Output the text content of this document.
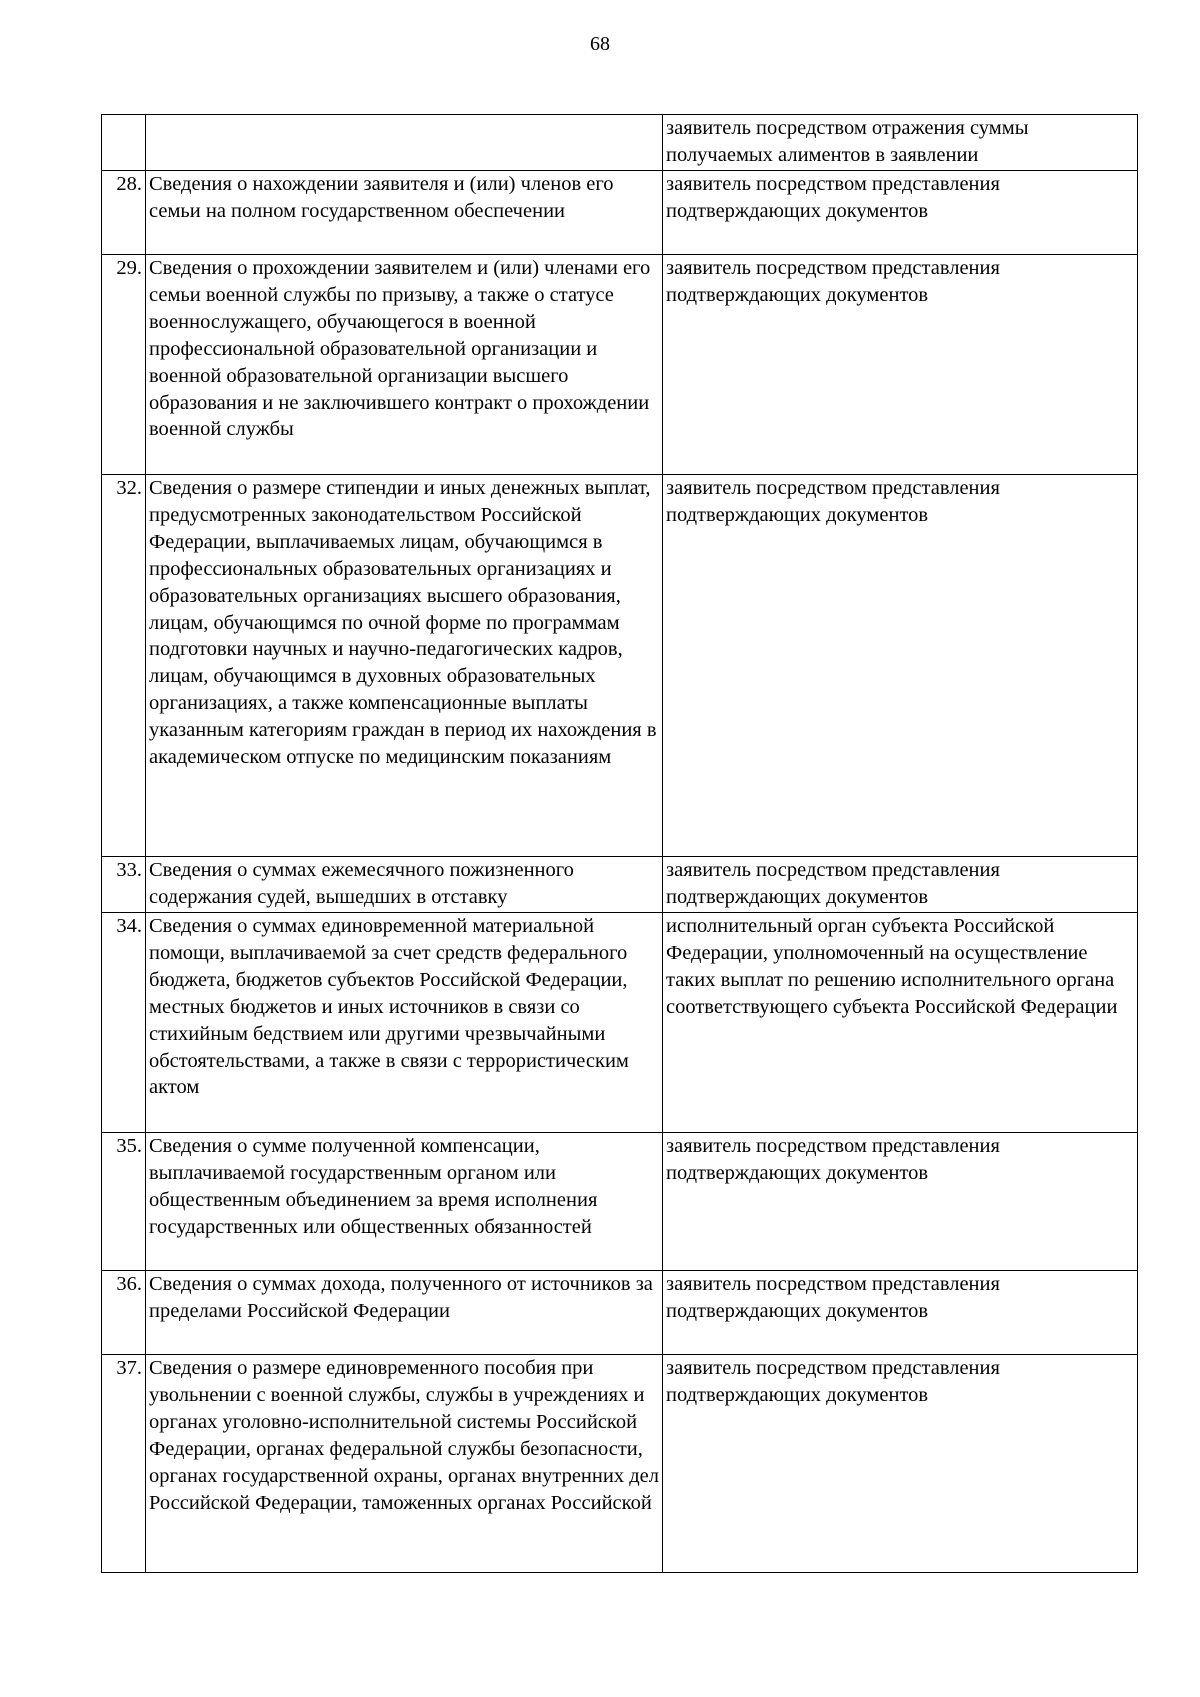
68
		заявитель посредством отражения суммы получаемых алиментов в заявлении
28.	Сведения о нахождении заявителя и (или) членов его семьи на полном государственном обеспечении	заявитель посредством представления подтверждающих документов
29.	Сведения о прохождении заявителем и (или) членами его семьи военной службы по призыву, а также о статусе военнослужащего, обучающегося в военной профессиональной образовательной организации и военной образовательной организации высшего образования и не заключившего контракт о прохождении военной службы	заявитель посредством представления подтверждающих документов
32.	Сведения о размере стипендии и иных денежных выплат, предусмотренных законодательством Российской Федерации, выплачиваемых лицам, обучающимся в профессиональных образовательных организациях и образовательных организациях высшего образования, лицам, обучающимся по очной форме по программам подготовки научных и научно-педагогических кадров, лицам, обучающимся в духовных образовательных организациях, а также компенсационные выплаты указанным категориям граждан в период их нахождения в академическом отпуске по медицинским показаниям	заявитель посредством представления подтверждающих документов
33.	Сведения о суммах ежемесячного пожизненного содержания судей, вышедших в отставку	заявитель посредством представления подтверждающих документов
34.	Сведения о суммах единовременной материальной помощи, выплачиваемой за счет средств федерального бюджета, бюджетов субъектов Российской Федерации, местных бюджетов и иных источников в связи со стихийным бедствием или другими чрезвычайными обстоятельствами, а также в связи с террористическим актом	исполнительный орган субъекта Российской Федерации, уполномоченный на осуществление таких выплат по решению исполнительного органа соответствующего субъекта Российской Федерации
35.	Сведения о сумме полученной компенсации, выплачиваемой государственным органом или общественным объединением за время исполнения государственных или общественных обязанностей	заявитель посредством представления подтверждающих документов
36.	Сведения о суммах дохода, полученного от источников за пределами Российской Федерации	заявитель посредством представления подтверждающих документов
37.	Сведения о размере единовременного пособия при увольнении с военной службы, службы в учреждениях и органах уголовно-исполнительной системы Российской Федерации, органах федеральной службы безопасности, органах государственной охраны, органах внутренних дел Российской Федерации, таможенных органах Российской	заявитель посредством представления подтверждающих документов
